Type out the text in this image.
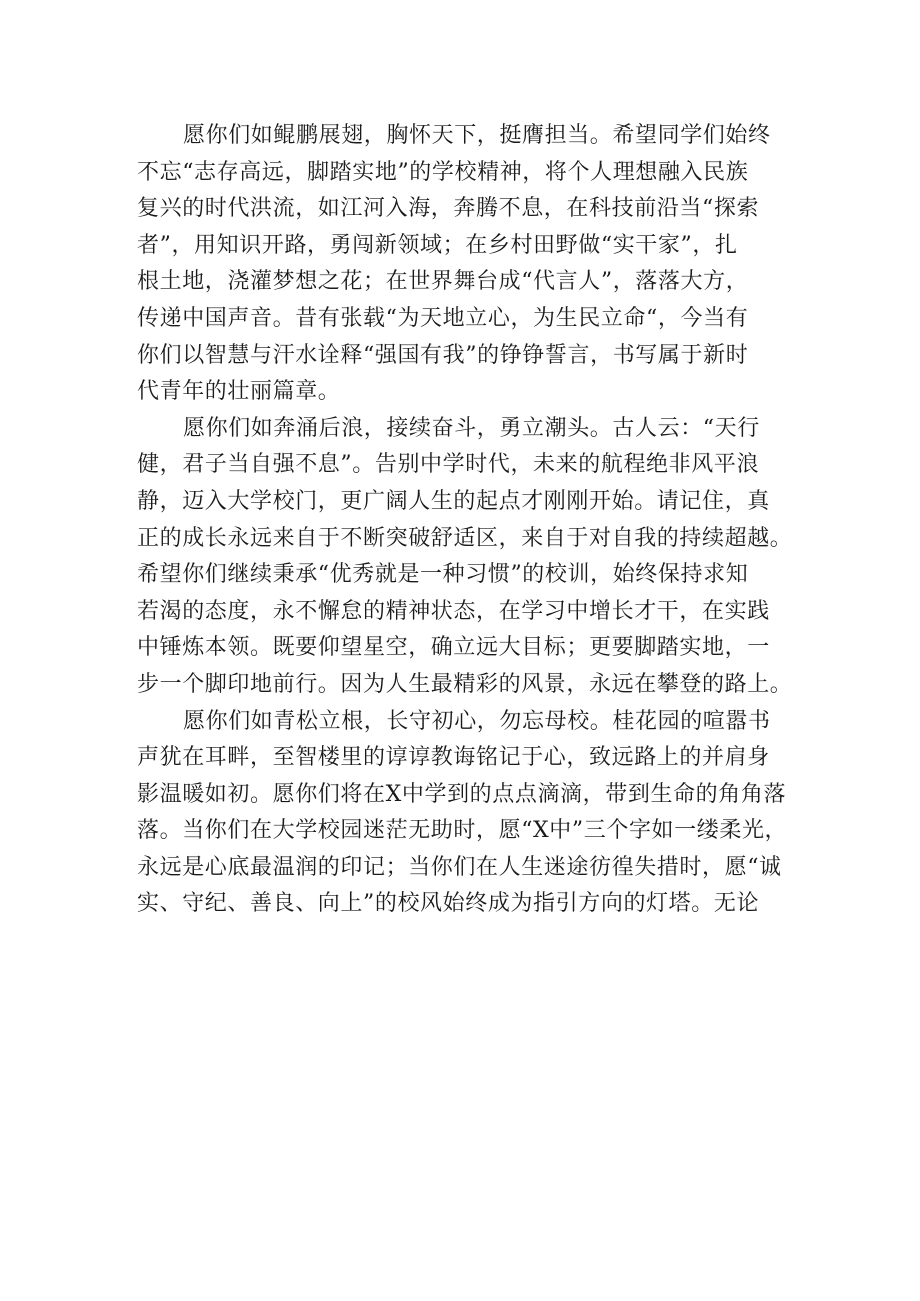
愿你们如鲲鹏展翅，胸怀天下，挺膺担当。希望同学们始终
不忘“志存高远，脚踏实地”的学校精神，将个人理想融入民族
复兴的时代洪流，如江河入海，奔腾不息，在科技前沿当“探索
者”，用知识开路，勇闯新领域；在乡村田野做“实干家”，扎
根土地，浇灌梦想之花；在世界舞台成“代言人”，落落大方，
传递中国声音。昔有张载“为天地立心，为生民立命“，今当有
你们以智慧与汗水诠释“强国有我”的铮铮誓言，书写属于新时
代青年的壮丽篇章。
愿你们如奔涌后浪，接续奋斗，勇立潮头。古人云：“天行
健，君子当自强不息”。告别中学时代，未来的航程绝非风平浪
静，迈入大学校门，更广阔人生的起点才刚刚开始。请记住，真
正的成长永远来自于不断突破舒适区，来自于对自我的持续超越。
希望你们继续秉承“优秀就是一种习惯”的校训，始终保持求知
若渴的态度，永不懈怠的精神状态，在学习中增长才干，在实践
中锤炼本领。既要仰望星空，确立远大目标；更要脚踏实地，一
步一个脚印地前行。因为人生最精彩的风景，永远在攀登的路上。
愿你们如青松立根，长守初心，勿忘母校。桂花园的喧嚣书
声犹在耳畔，至智楼里的谆谆教诲铭记于心，致远路上的并肩身
影温暖如初。愿你们将在X中学到的点点滴滴，带到生命的角角落
落。当你们在大学校园迷茫无助时，愿“X中”三个字如一缕柔光，
永远是心底最温润的印记；当你们在人生迷途彷徨失措时，愿“诚
实、守纪、善良、向上”的校风始终成为指引方向的灯塔。无论
